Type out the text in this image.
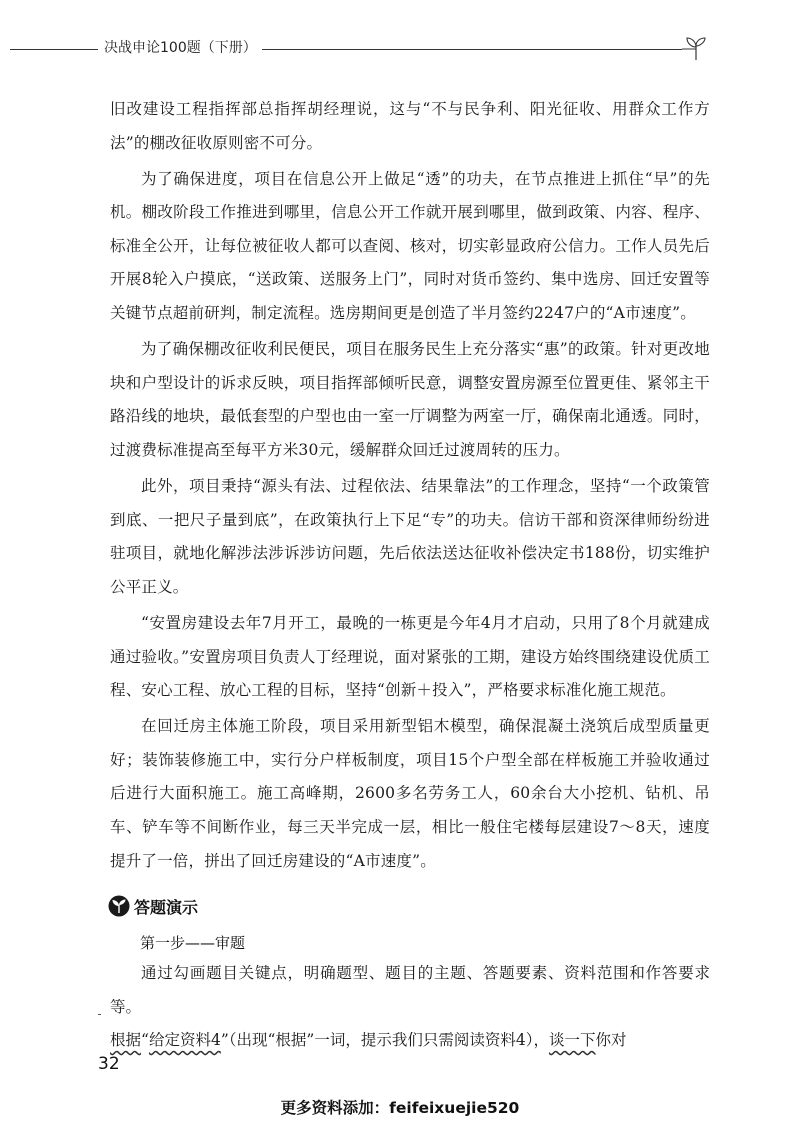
决战申论100题（下册）

旧改建设工程指挥部总指挥胡经理说，这与“不与民争利、阳光征收、用群众工作方法”的棚改征收原则密不可分。

为了确保进度，项目在信息公开上做足“透”的功夫，在节点推进上抓住“早”的先机。棚改阶段工作推进到哪里，信息公开工作就开展到哪里，做到政策、内容、程序、标准全公开，让每位被征收人都可以查阅、核对，切实彰显政府公信力。工作人员先后开展8轮入户摸底，“送政策、送服务上门”，同时对货币签约、集中选房、回迁安置等关键节点超前研判，制定流程。选房期间更是创造了半月签约2247户的“A市速度”。

为了确保棚改征收利民便民，项目在服务民生上充分落实“惠”的政策。针对更改地块和户型设计的诉求反映，项目指挥部倾听民意，调整安置房源至位置更佳、紧邻主干路沿线的地块，最低套型的户型也由一室一厅调整为两室一厅，确保南北通透。同时，过渡费标准提高至每平方米30元，缓解群众回迁过渡周转的压力。

此外，项目秉持“源头有法、过程依法、结果靠法”的工作理念，坚持“一个政策管到底、一把尺子量到底”，在政策执行上下足“专”的功夫。信访干部和资深律师纷纷进驻项目，就地化解涉法涉诉涉访问题，先后依法送达征收补偿决定书188份，切实维护公平正义。

“安置房建设去年7月开工，最晚的一栋更是今年4月才启动，只用了8个月就建成通过验收。”安置房项目负责人丁经理说，面对紧张的工期，建设方始终围绕建设优质工程、安心工程、放心工程的目标，坚持“创新＋投入”，严格要求标准化施工规范。

在回迁房主体施工阶段，项目采用新型铝木模型，确保混凝土浇筑后成型质量更好；装饰装修施工中，实行分户样板制度，项目15个户型全部在样板施工并验收通过后进行大面积施工。施工高峰期，2600多名劳务工人，60余台大小挖机、钻机、吊车、铲车等不间断作业，每三天半完成一层，相比一般住宅楼每层建设7～8天，速度提升了一倍，拼出了回迁房建设的“A市速度”。

答题演示
第一步——审题

通过勾画题目关键点，明确题型、题目的主题、答题要素、资料范围和作答要求等。

根据“给定资料4”（出现“根据”一词，提示我们只需阅读资料4），谈一下你对

32
更多资料添加：feifeixuejie520
